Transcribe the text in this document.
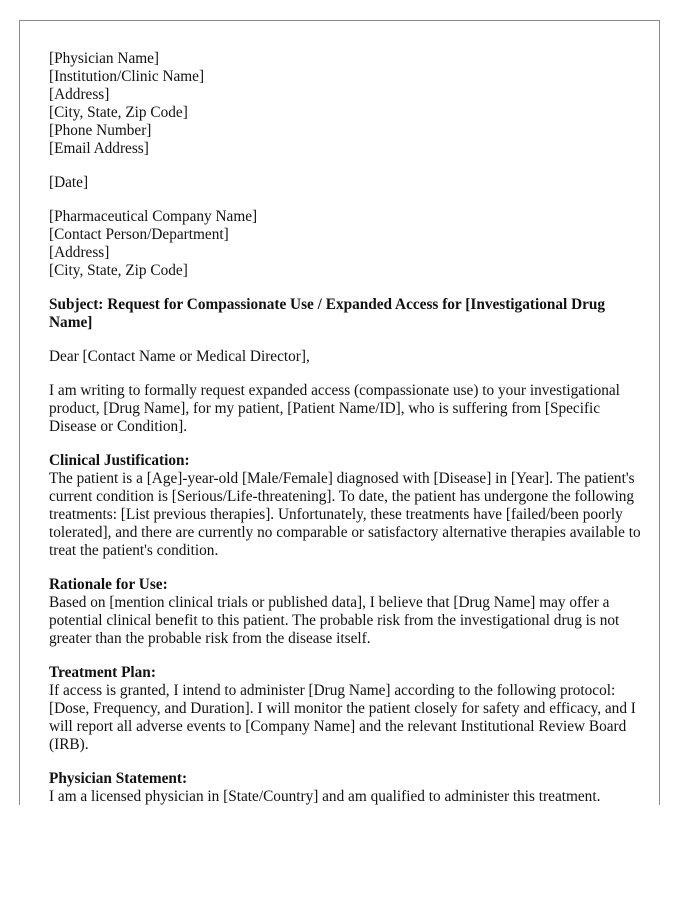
[Physician Name]
[Institution/Clinic Name]
[Address]
[City, State, Zip Code]
[Phone Number]
[Email Address]
[Date]
[Pharmaceutical Company Name]
[Contact Person/Department]
[Address]
[City, State, Zip Code]
Subject: Request for Compassionate Use / Expanded Access for [Investigational Drug Name]
Dear [Contact Name or Medical Director],
I am writing to formally request expanded access (compassionate use) to your investigational product, [Drug Name], for my patient, [Patient Name/ID], who is suffering from [Specific Disease or Condition].
Clinical Justification:
The patient is a [Age]-year-old [Male/Female] diagnosed with [Disease] in [Year]. The patient's current condition is [Serious/Life-threatening]. To date, the patient has undergone the following treatments: [List previous therapies]. Unfortunately, these treatments have [failed/been poorly tolerated], and there are currently no comparable or satisfactory alternative therapies available to treat the patient's condition.
Rationale for Use:
Based on [mention clinical trials or published data], I believe that [Drug Name] may offer a potential clinical benefit to this patient. The probable risk from the investigational drug is not greater than the probable risk from the disease itself.
Treatment Plan:
If access is granted, I intend to administer [Drug Name] according to the following protocol: [Dose, Frequency, and Duration]. I will monitor the patient closely for safety and efficacy, and I will report all adverse events to [Company Name] and the relevant Institutional Review Board (IRB).
Physician Statement:
I am a licensed physician in [State/Country] and am qualified to administer this treatment.
